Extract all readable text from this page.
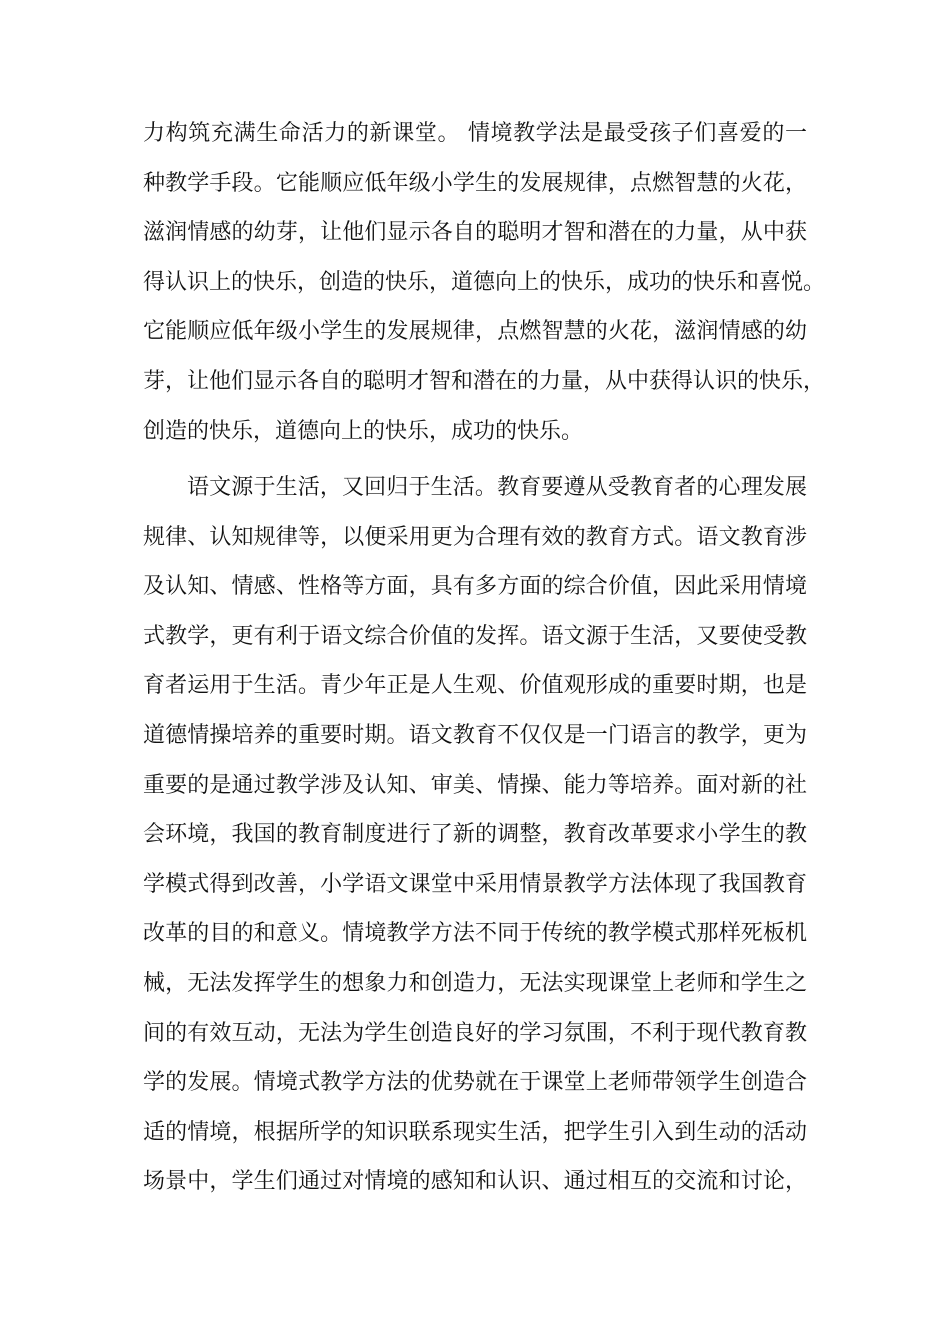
力构筑充满生命活力的新课堂。 情境教学法是最受孩子们喜爱的一
种教学手段。它能顺应低年级小学生的发展规律，点燃智慧的火花，
滋润情感的幼芽，让他们显示各自的聪明才智和潜在的力量，从中获
得认识上的快乐，创造的快乐，道德向上的快乐，成功的快乐和喜悦。
它能顺应低年级小学生的发展规律，点燃智慧的火花，滋润情感的幼
芽，让他们显示各自的聪明才智和潜在的力量，从中获得认识的快乐，
创造的快乐，道德向上的快乐，成功的快乐。
语文源于生活，又回归于生活。教育要遵从受教育者的心理发展
规律、认知规律等，以便采用更为合理有效的教育方式。语文教育涉
及认知、情感、性格等方面，具有多方面的综合价值，因此采用情境
式教学，更有利于语文综合价值的发挥。语文源于生活，又要使受教
育者运用于生活。青少年正是人生观、价值观形成的重要时期，也是
道德情操培养的重要时期。语文教育不仅仅是一门语言的教学，更为
重要的是通过教学涉及认知、审美、情操、能力等培养。面对新的社
会环境，我国的教育制度进行了新的调整，教育改革要求小学生的教
学模式得到改善，小学语文课堂中采用情景教学方法体现了我国教育
改革的目的和意义。情境教学方法不同于传统的教学模式那样死板机
械，无法发挥学生的想象力和创造力，无法实现课堂上老师和学生之
间的有效互动，无法为学生创造良好的学习氛围，不利于现代教育教
学的发展。情境式教学方法的优势就在于课堂上老师带领学生创造合
适的情境，根据所学的知识联系现实生活，把学生引入到生动的活动
场景中，学生们通过对情境的感知和认识、通过相互的交流和讨论，
